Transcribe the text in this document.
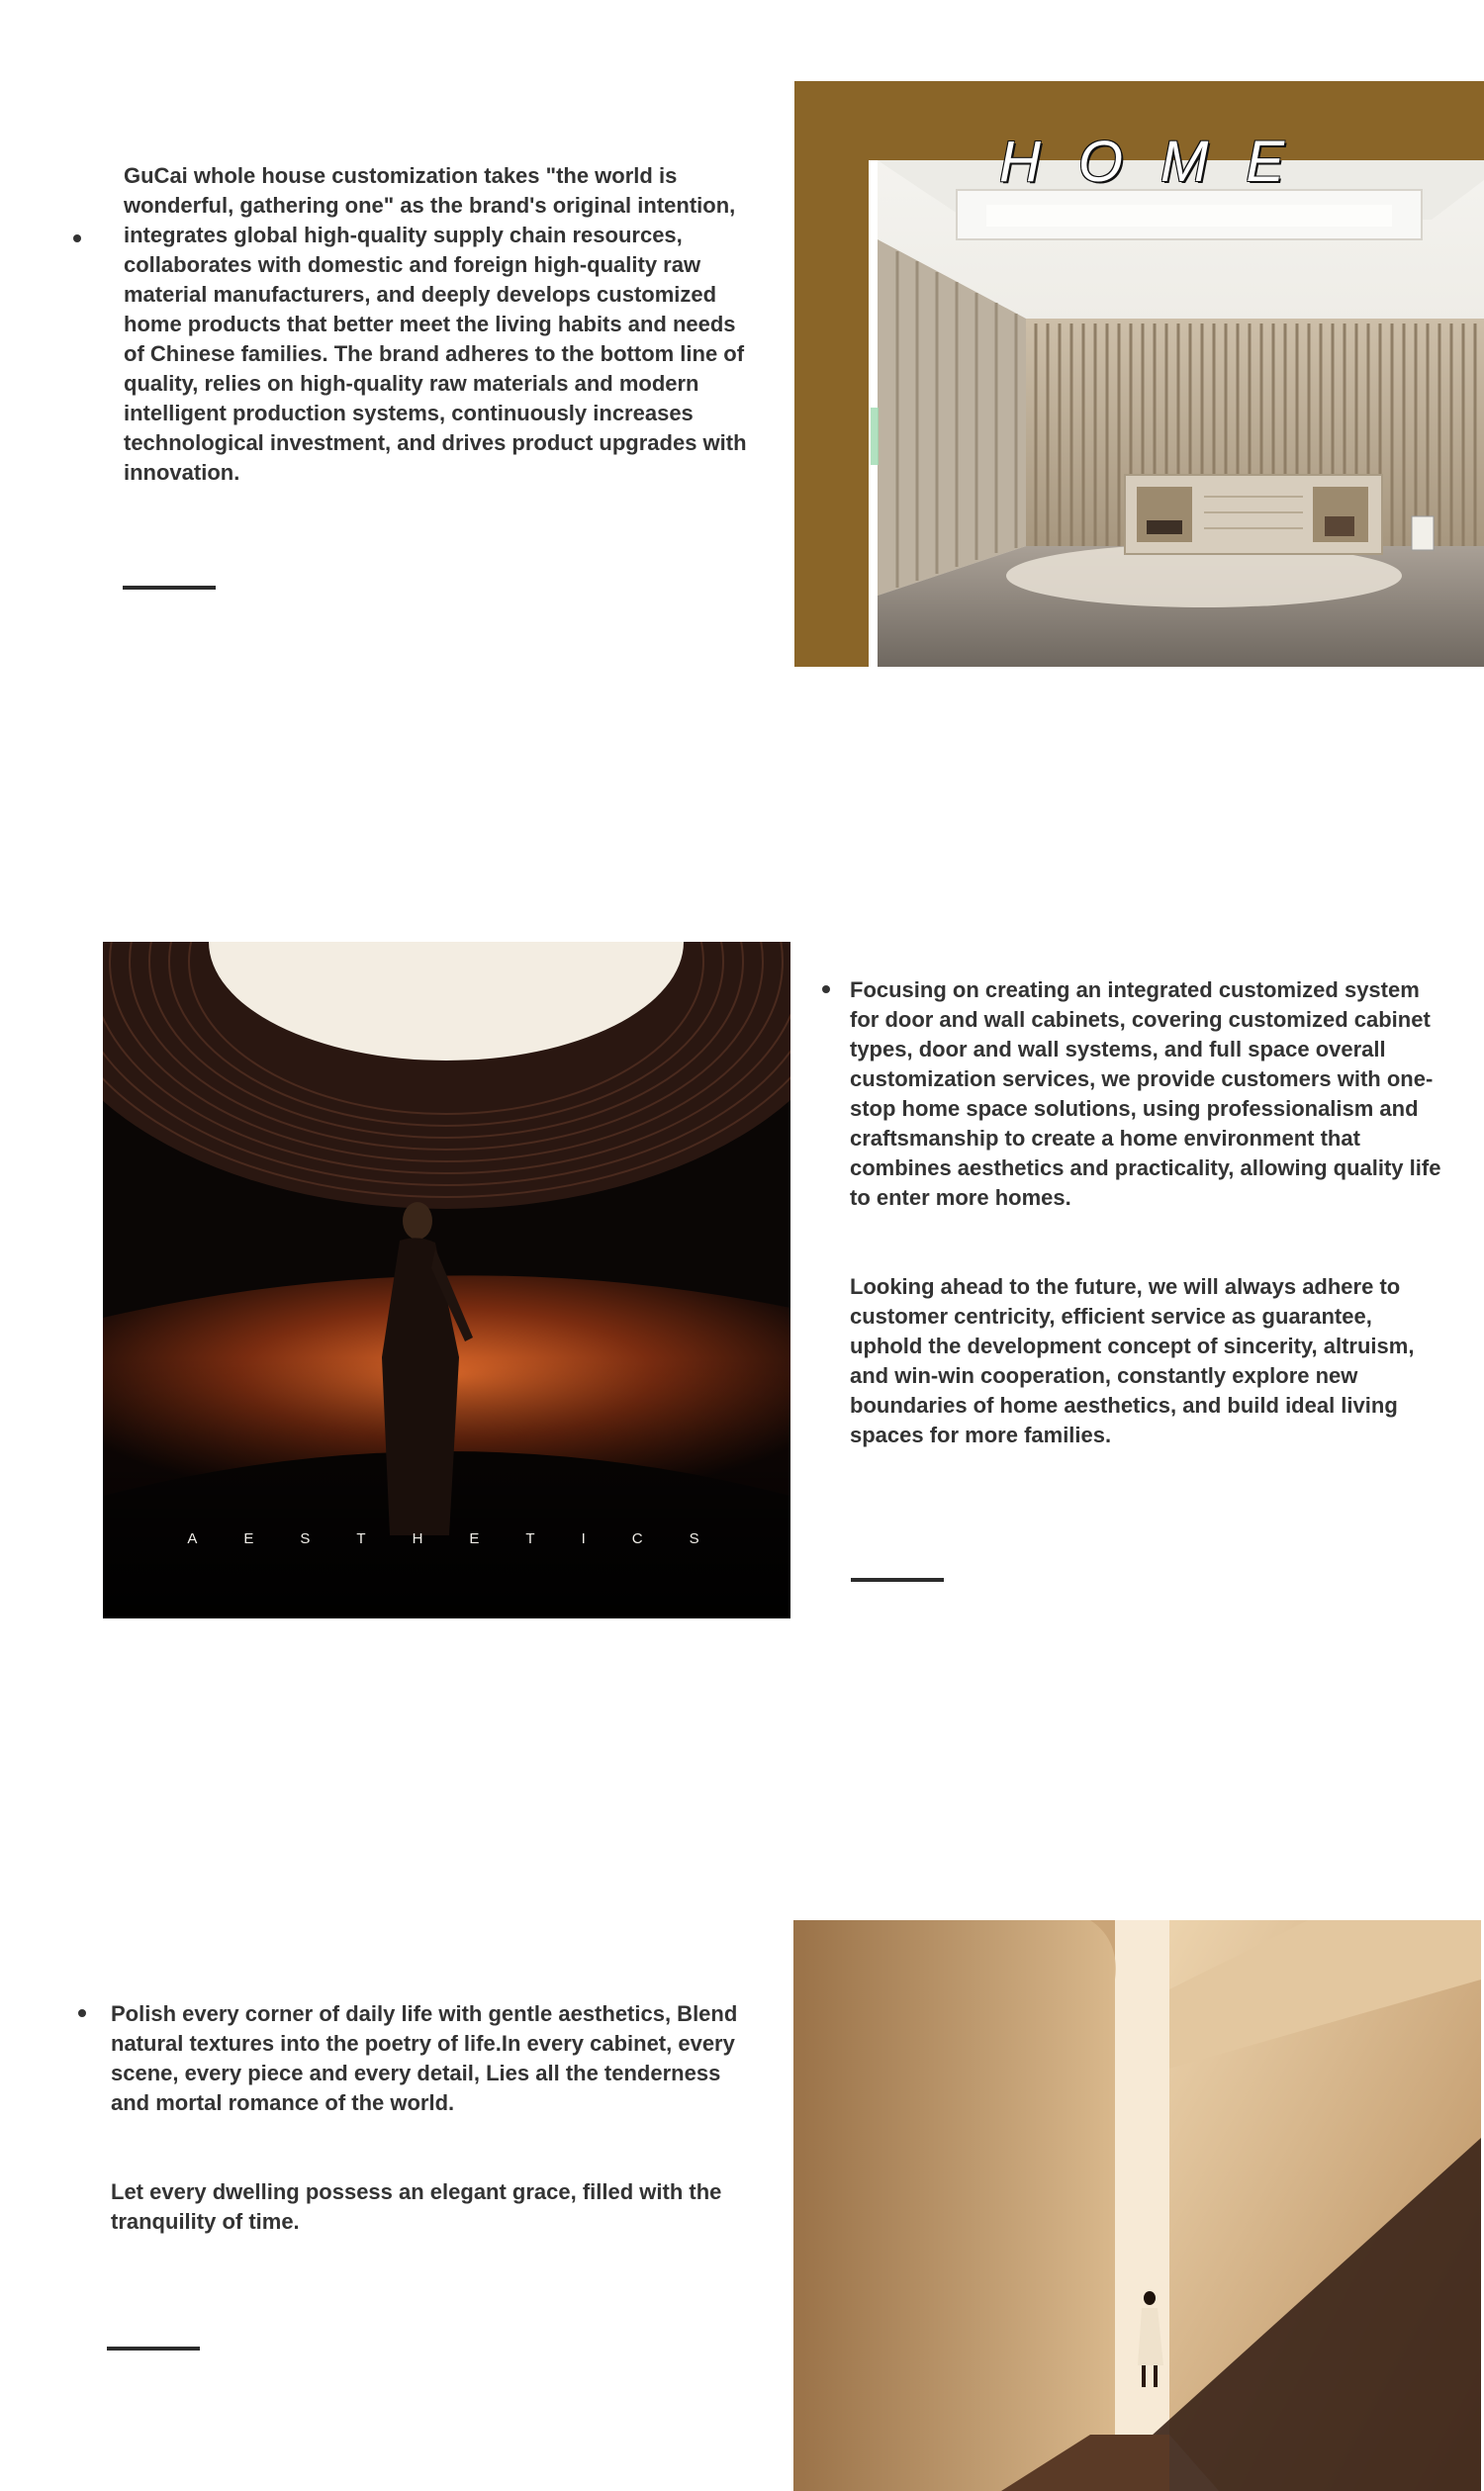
GuCai whole house customization takes "the world is wonderful, gathering one" as the brand's original intention, integrates global high-quality supply chain resources, collaborates with domestic and foreign high-quality raw material manufacturers, and deeply develops customized home products that better meet the living habits and needs of Chinese families. The brand adheres to the bottom line of quality, relies on high-quality raw materials and modern intelligent production systems, continuously increases technological investment, and drives product upgrades with innovation.

HOME
AESTHETICS

Focusing on creating an integrated customized system for door and wall cabinets, covering customized cabinet types, door and wall systems, and full space overall customization services, we provide customers with one-stop home space solutions, using professionalism and craftsmanship to create a home environment that combines aesthetics and practicality, allowing quality life to enter more homes.

Looking ahead to the future, we will always adhere to customer centricity, efficient service as guarantee, uphold the development concept of sincerity, altruism, and win-win cooperation, constantly explore new boundaries of home aesthetics, and build ideal living spaces for more families.

Polish every corner of daily life with gentle aesthetics, Blend natural textures into the poetry of life.In every cabinet, every scene, every piece and every detail, Lies all the tenderness and mortal romance of the world.

Let every dwelling possess an elegant grace, filled with the tranquility of time.
